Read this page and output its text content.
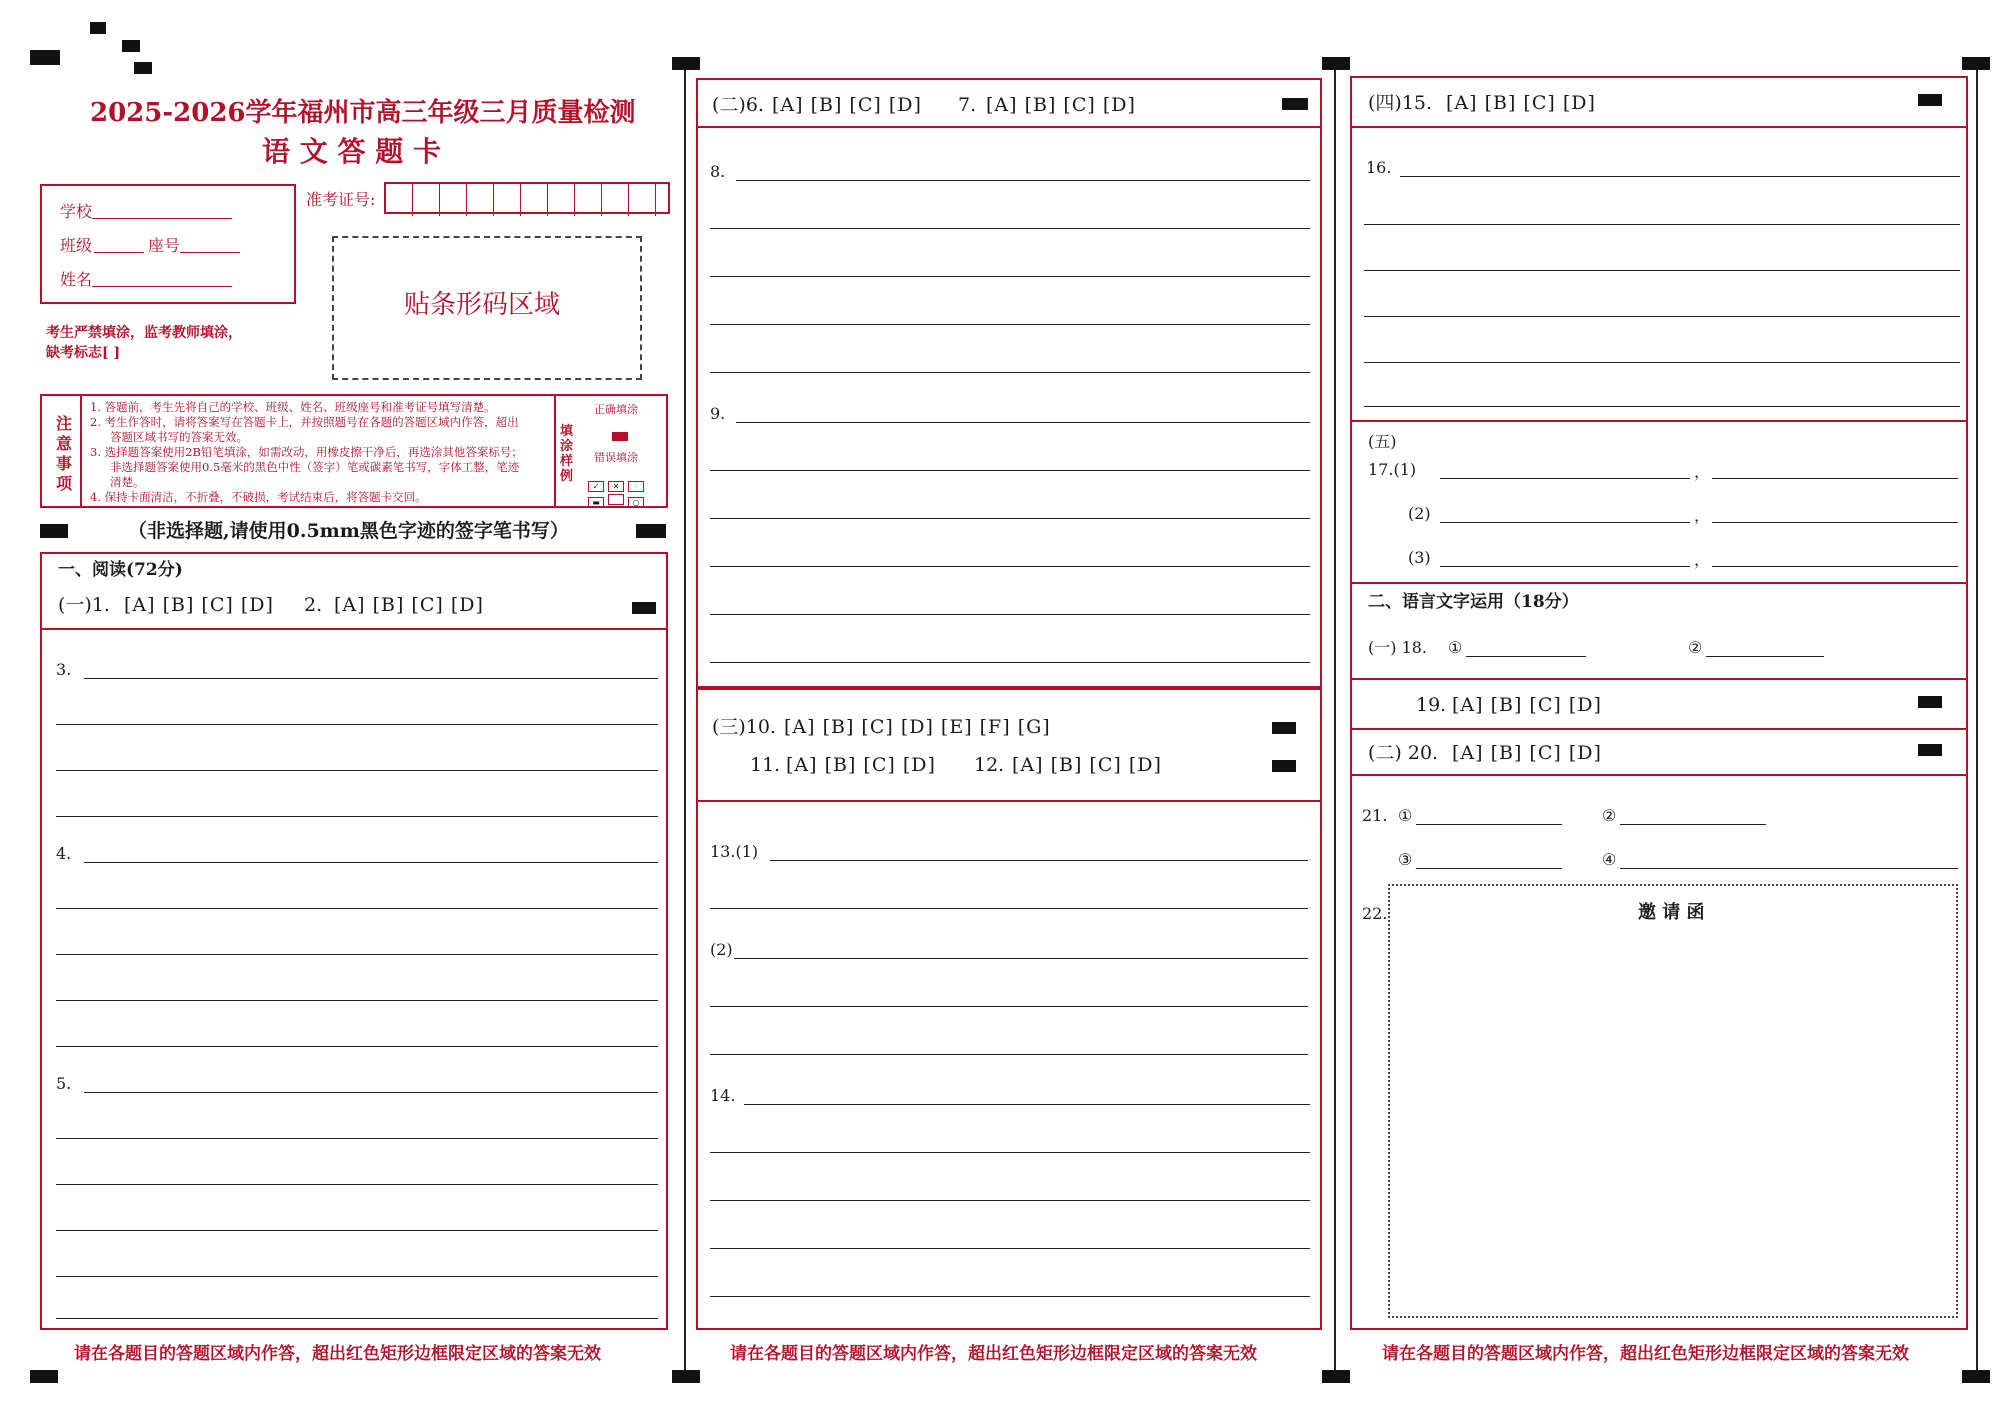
2025-2026学年福州市高三年级三月质量检测
语 文 答 题 卡
学校
班级	座号
姓名
准考证号:
贴条形码区域
考生严禁填涂，监考教师填涂，
缺考标志[ ]
注意事项
1. 答题前，考生先将自己的学校、班级、姓名、班级座号和准考证号填写清楚。
2. 考生作答时，请将答案写在答题卡上，并按照题号在各题的答题区域内作答，超出
答题区域书写的答案无效。
3. 选择题答案使用2B铅笔填涂，如需改动，用橡皮擦干净后，再选涂其他答案标号；
非选择题答案使用0.5毫米的黑色中性（签字）笔或碳素笔书写，字体工整，笔迹
清楚。
4. 保持卡面清洁，不折叠，不破损，考试结束后，将答题卡交回。
填涂样例
正确填涂
错误填涂
✓ ✕ ·
▬	○
（非选择题,请使用0.5mm黑色字迹的签字笔书写）
一、阅读(72分)
(一)1. [A] [B] [C] [D] 2. [A] [B] [C] [D]
3.
4.
5.
请在各题目的答题区域内作答，超出红色矩形边框限定区域的答案无效
(二)6. [A] [B] [C] [D] 7. [A] [B] [C] [D]
8.
9.
(三)10. [A] [B] [C] [D] [E] [F] [G]
11. [A] [B] [C] [D] 12. [A] [B] [C] [D]
13.(1)
(2)
14.
请在各题目的答题区域内作答，超出红色矩形边框限定区域的答案无效
(四)15. [A] [B] [C] [D]
16.
(五)
17.(1)	，
(2)	，
(3)	，
二、语言文字运用（18分）
(一) 18. ①	②
19. [A] [B] [C] [D]
(二) 20. [A] [B] [C] [D]
21. ①	②
③	④
22.	邀 请 函
请在各题目的答题区域内作答，超出红色矩形边框限定区域的答案无效
